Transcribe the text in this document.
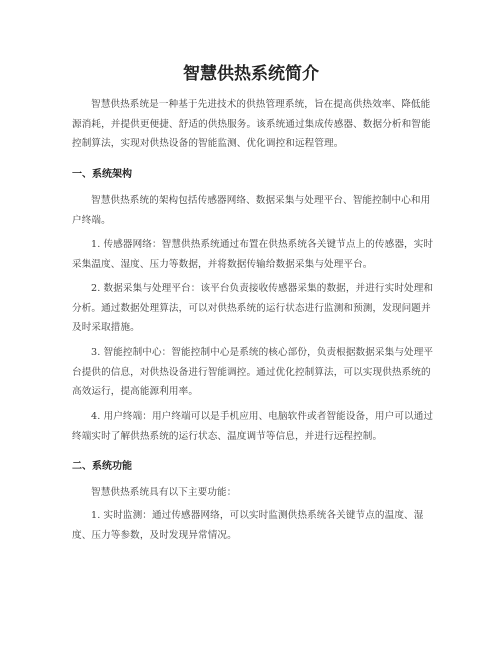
智慧供热系统简介

智慧供热系统是一种基于先进技术的供热管理系统，旨在提高供热效率、降低能源消耗，并提供更便捷、舒适的供热服务。该系统通过集成传感器、数据分析和智能控制算法，实现对供热设备的智能监测、优化调控和远程管理。

一、系统架构

智慧供热系统的架构包括传感器网络、数据采集与处理平台、智能控制中心和用户终端。

1. 传感器网络：智慧供热系统通过布置在供热系统各关键节点上的传感器，实时采集温度、湿度、压力等数据，并将数据传输给数据采集与处理平台。

2. 数据采集与处理平台：该平台负责接收传感器采集的数据，并进行实时处理和分析。通过数据处理算法，可以对供热系统的运行状态进行监测和预测，发现问题并及时采取措施。

3. 智能控制中心：智能控制中心是系统的核心部份，负责根据数据采集与处理平台提供的信息，对供热设备进行智能调控。通过优化控制算法，可以实现供热系统的高效运行，提高能源利用率。

4. 用户终端：用户终端可以是手机应用、电脑软件或者智能设备，用户可以通过终端实时了解供热系统的运行状态、温度调节等信息，并进行远程控制。

二、系统功能

智慧供热系统具有以下主要功能：

1. 实时监测：通过传感器网络，可以实时监测供热系统各关键节点的温度、湿度、压力等参数，及时发现异常情况。
